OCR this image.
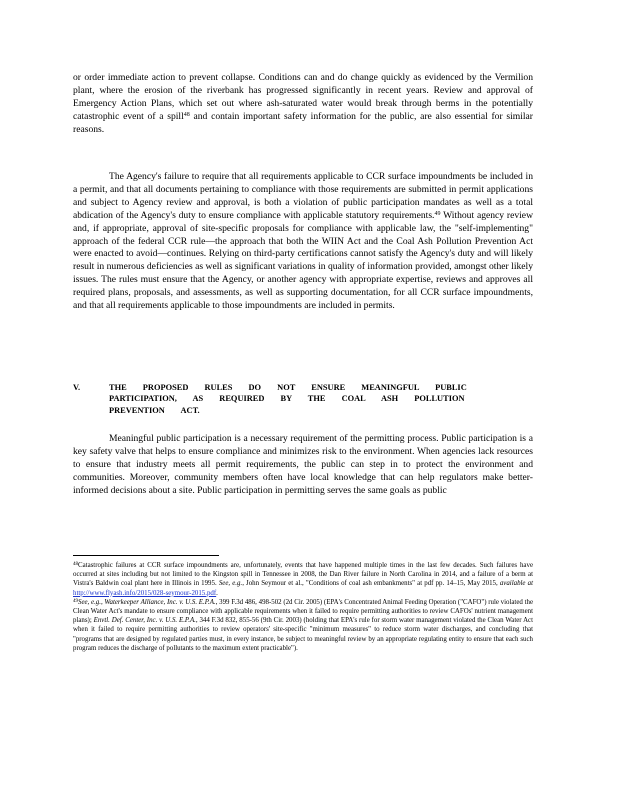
or order immediate action to prevent collapse. Conditions can and do change quickly as evidenced by the Vermilion plant, where the erosion of the riverbank has progressed significantly in recent years. Review and approval of Emergency Action Plans, which set out where ash-saturated water would break through berms in the potentially catastrophic event of a spill$^{48}$ and contain important safety information for the public, are also essential for similar reasons.

The Agency's failure to require that all requirements applicable to CCR surface impoundments be included in a permit, and that all documents pertaining to compliance with those requirements are submitted in permit applications and subject to Agency review and approval, is both a violation of public participation mandates as well as a total abdication of the Agency's duty to ensure compliance with applicable statutory requirements.$^{49}$ Without agency review and, if appropriate, approval of site-specific proposals for compliance with applicable law, the "self-implementing" approach of the federal CCR rule—the approach that both the WIIN Act and the Coal Ash Pollution Prevention Act were enacted to avoid—continues. Relying on third-party certifications cannot satisfy the Agency's duty and will likely result in numerous deficiencies as well as significant variations in quality of information provided, amongst other likely issues. The rules must ensure that the Agency, or another agency with appropriate expertise, reviews and approves all required plans, proposals, and assessments, as well as supporting documentation, for all CCR surface impoundments, and that all requirements applicable to those impoundments are included in permits.

V.	THE PROPOSED RULES DO NOT ENSURE MEANINGFUL PUBLIC PARTICIPATION, AS REQUIRED BY THE COAL ASH POLLUTION PREVENTION ACT.

Meaningful public participation is a necessary requirement of the permitting process. Public participation is a key safety valve that helps to ensure compliance and minimizes risk to the environment. When agencies lack resources to ensure that industry meets all permit requirements, the public can step in to protect the environment and communities. Moreover, community members often have local knowledge that can help regulators make better-informed decisions about a site. Public participation in permitting serves the same goals as public

$^{48}$Catastrophic failures at CCR surface impoundments are, unfortunately, events that have happened multiple times in the last few decades. Such failures have occurred at sites including but not limited to the Kingston spill in Tennessee in 2008, the Dan River failure in North Carolina in 2014, and a failure of a berm at Vistra's Baldwin coal plant here in Illinois in 1995. See, e.g., John Seymour et al., "Conditions of coal ash embankments" at pdf pp. 14–15, May 2015, available at http://www.flyash.info/2015/028-seymour-2015.pdf.

$^{49}$See, e.g., Waterkeeper Alliance, Inc. v. U.S. E.P.A., 399 F.3d 486, 498-502 (2d Cir. 2005) (EPA's Concentrated Animal Feeding Operation ("CAFO") rule violated the Clean Water Act's mandate to ensure compliance with applicable requirements when it failed to require permitting authorities to review CAFOs' nutrient management plans); Envtl. Def. Center, Inc. v. U.S. E.P.A., 344 F.3d 832, 855-56 (9th Cir. 2003) (holding that EPA's rule for storm water management violated the Clean Water Act when it failed to require permitting authorities to review operators' site-specific "minimum measures" to reduce storm water discharges, and concluding that "programs that are designed by regulated parties must, in every instance, be subject to meaningful review by an appropriate regulating entity to ensure that each such program reduces the discharge of pollutants to the maximum extent practicable").
